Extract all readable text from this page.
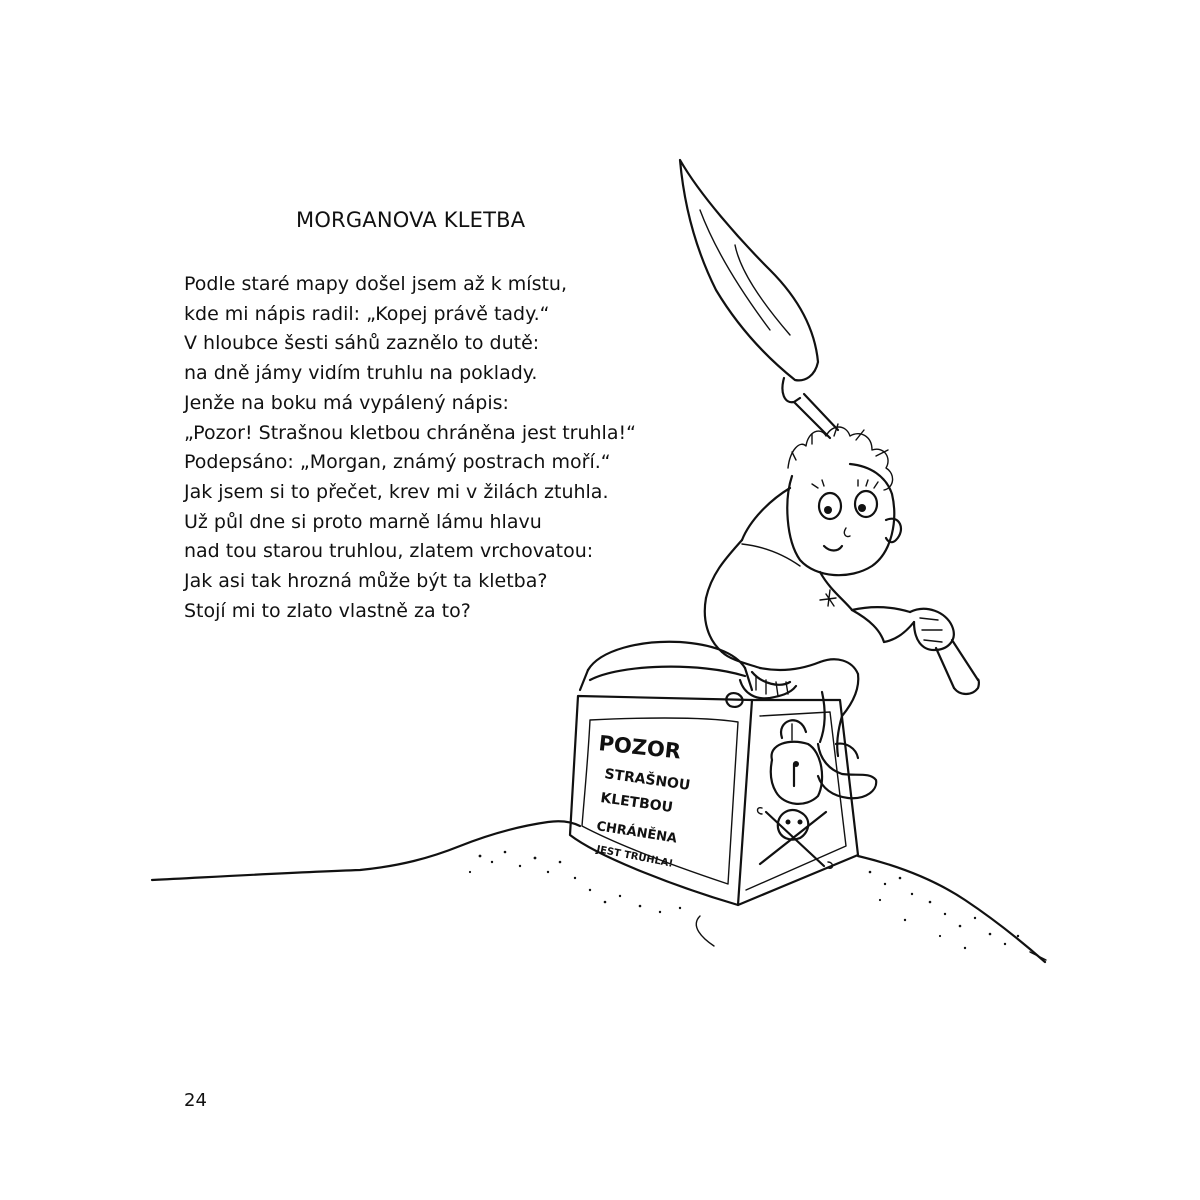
MORGANOVA KLETBA
Podle staré mapy došel jsem až k místu,
kde mi nápis radil: „Kopej právě tady.“
V hloubce šesti sáhů zaznělo to dutě:
na dně jámy vidím truhlu na poklady.
Jenže na boku má vypálený nápis:
„Pozor! Strašnou kletbou chráněna jest truhla!“
Podepsáno: „Morgan, známý postrach moří.“
Jak jsem si to přečet, krev mi v žilách ztuhla.
Už půl dne si proto marně lámu hlavu
nad tou starou truhlou, zlatem vrchovatou:
Jak asi tak hrozná může být ta kletba?
Stojí mi to zlato vlastně za to?
POZOR
STRAŠNOU
KLETBOU
CHRÁNĚNA
JEST TRUHLA!
24
